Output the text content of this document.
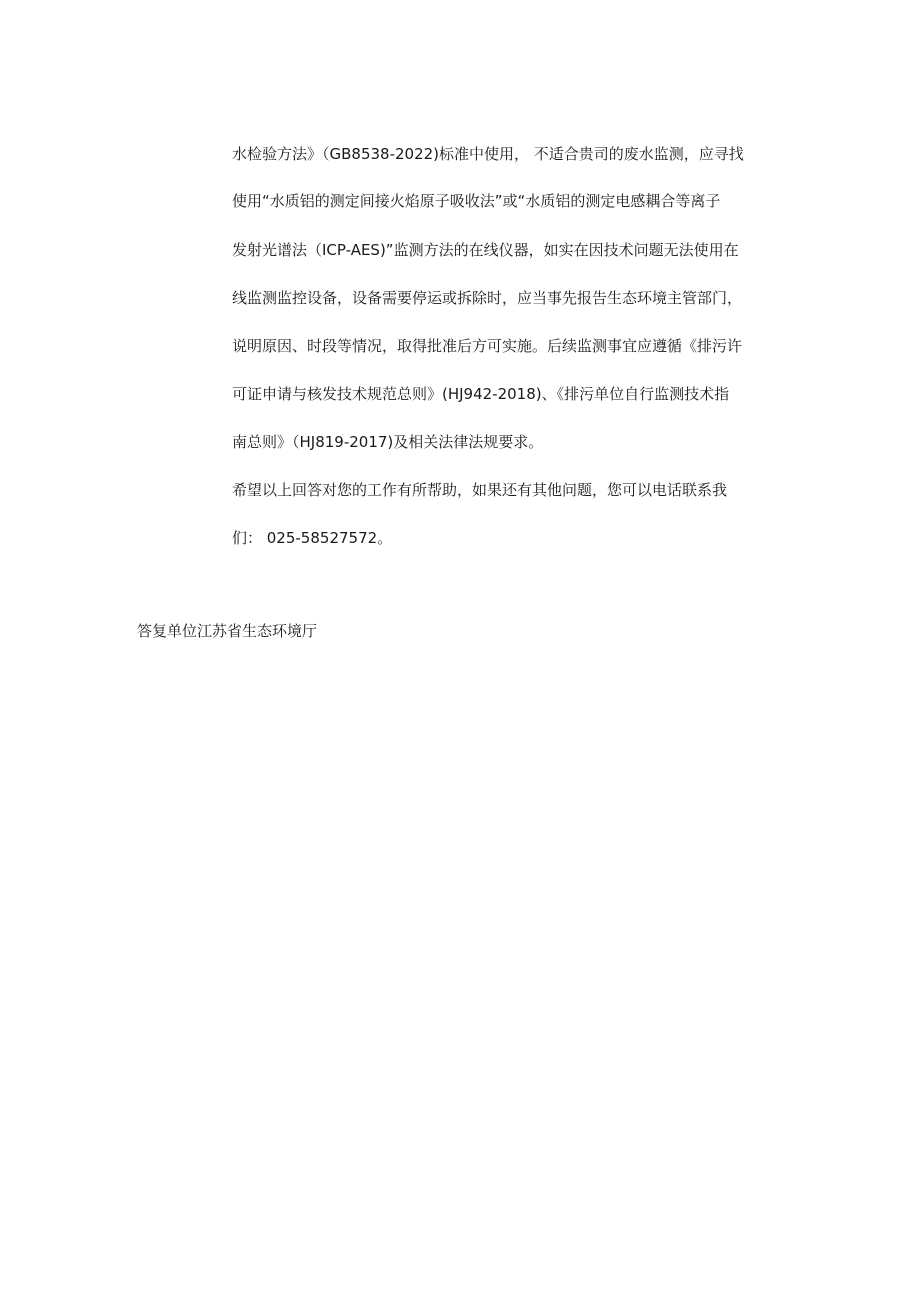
水检验方法》（GB8538-2022)标准中使用， 不适合贵司的废水监测，应寻找
使用“水质铝的测定间接火焰原子吸收法”或“水质铝的测定电感耦合等离子
发射光谱法（ICP-AES)”监测方法的在线仪器，如实在因技术问题无法使用在
线监测监控设备，设备需要停运或拆除时，应当事先报告生态环境主管部门，
说明原因、时段等情况，取得批准后方可实施。后续监测事宜应遵循《排污许
可证申请与核发技术规范总则》(HJ942-2018)、《排污单位自行监测技术指
南总则》（HJ819-2017)及相关法律法规要求。
希望以上回答对您的工作有所帮助，如果还有其他问题，您可以电话联系我
们： 025-58527572。
答复单位江苏省生态环境厅
